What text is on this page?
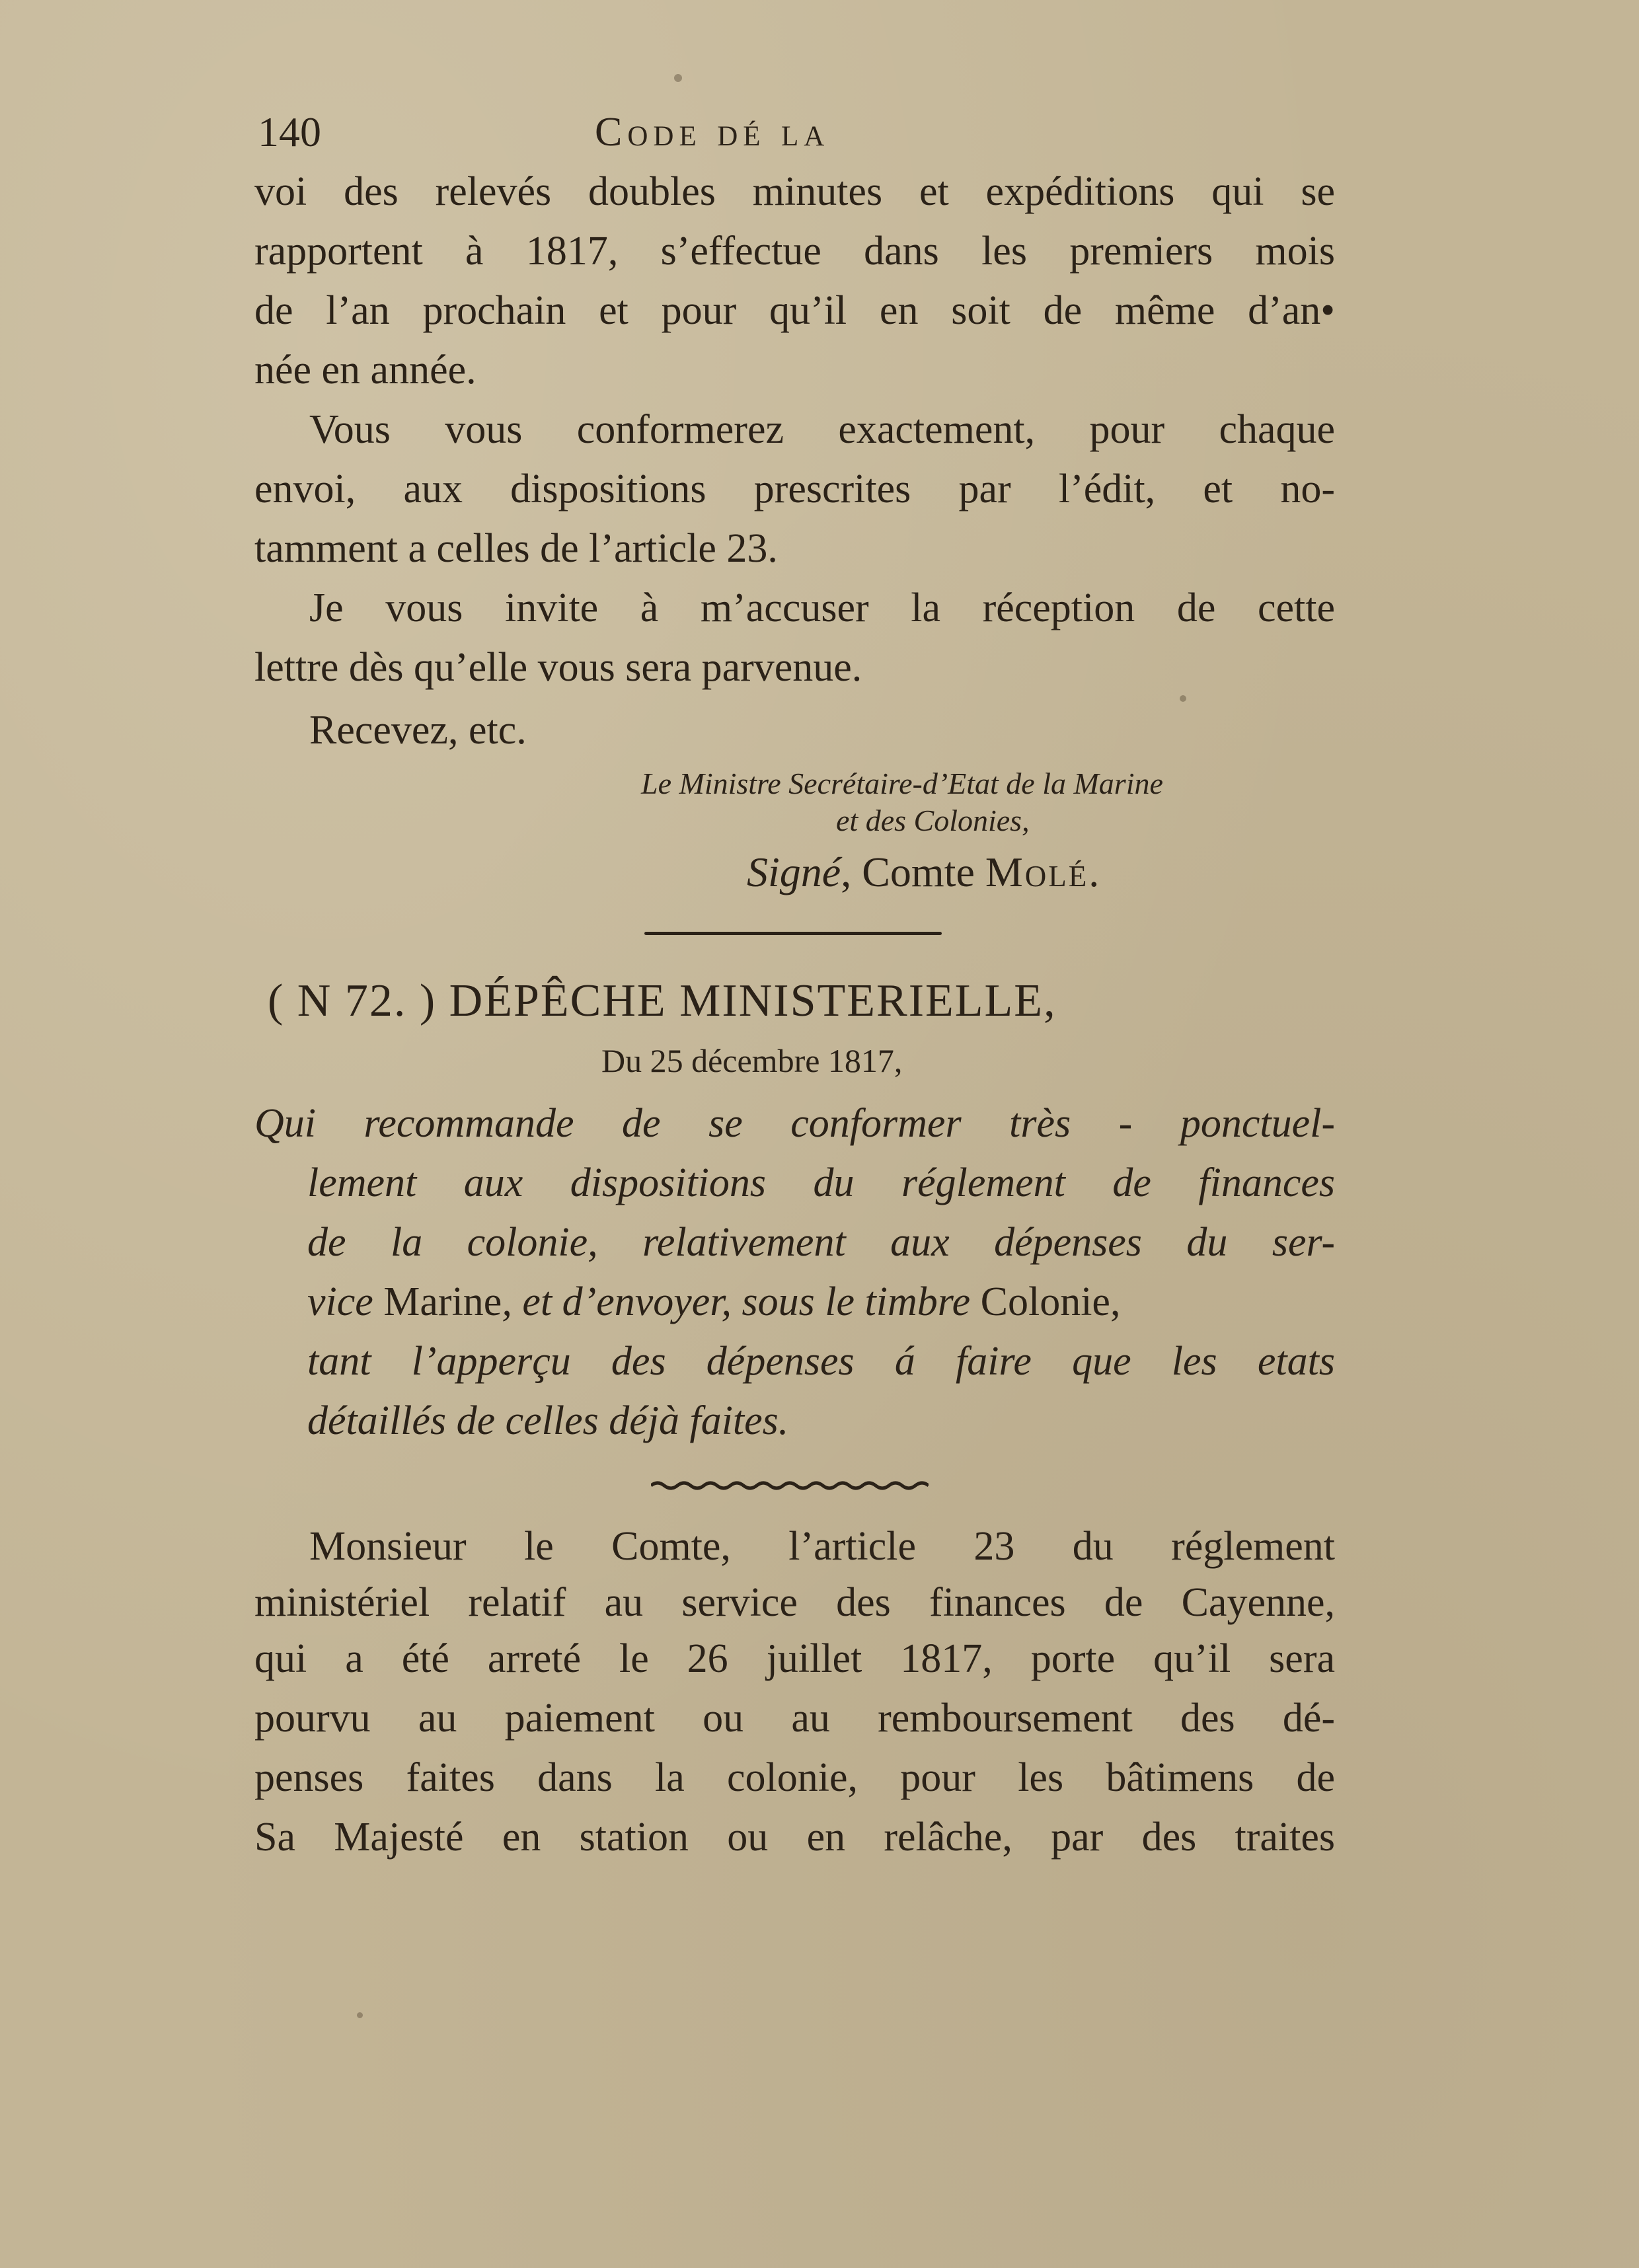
140	Code dé la
voi des relevés doubles minutes et expéditions qui se
rapportent à 1817, s’effectue dans les premiers mois
de l’an prochain et pour qu’il en soit de même d’an•
née en année.
Vous vous conformerez exactement, pour chaque
envoi, aux dispositions prescrites par l’édit, et no-
tamment a celles de l’article 23.
Je vous invite à m’accuser la réception de cette
lettre dès qu’elle vous sera parvenue.
Recevez, etc.
Le Ministre Secrétaire-d’Etat de la Marine
et des Colonies,
Signé, Comte Molé.
( N 72. ) DÉPÊCHE MINISTERIELLE,
Du 25 décembre 1817,
Qui recommande de se conformer très - ponctuel-
lement aux dispositions du réglement de finances
de la colonie, relativement aux dépenses du ser-
vice Marine, et d’envoyer, sous le timbre Colonie,
tant l’apperçu des dépenses á faire que les etats
détaillés de celles déjà faites.
Monsieur le Comte, l’article 23 du réglement
ministériel relatif au service des finances de Cayenne,
qui a été arreté le 26 juillet 1817, porte qu’il sera
pourvu au paiement ou au remboursement des dé-
penses faites dans la colonie, pour les bâtimens de
Sa Majesté en station ou en relâche, par des traites
